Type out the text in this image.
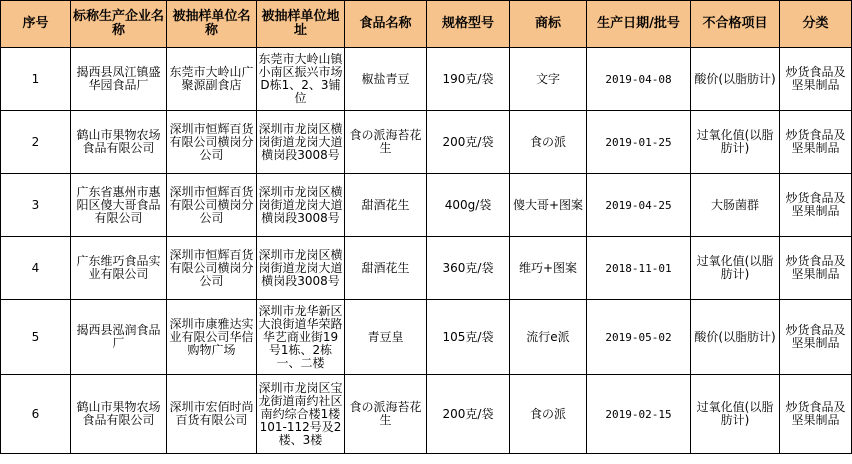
序号	标称生产企业名称	被抽样单位名称	被抽样单位地址	食品名称	规格型号	商标	生产日期/批号	不合格项目	分类
1	揭西县凤江镇盛华园食品厂	东莞市大岭山广聚源副食店	东莞市大岭山镇小南区振兴市场D栋1、2、3铺位	椒盐青豆	190克/袋	文字	2019-04-08	酸价(以脂肪计)	炒货食品及坚果制品
2	鹤山市果物农场食品有限公司	深圳市恒辉百货有限公司横岗分公司	深圳市龙岗区横岗街道龙岗大道横岗段3008号	食の派海苔花生	200克/袋	食の派	2019-01-25	过氧化值(以脂肪计)	炒货食品及坚果制品
3	广东省惠州市惠阳区傻大哥食品有限公司	深圳市恒辉百货有限公司横岗分公司	深圳市龙岗区横岗街道龙岗大道横岗段3008号	甜酒花生	400g/袋	傻大哥+图案	2019-04-25	大肠菌群	炒货食品及坚果制品
4	广东维巧食品实业有限公司	深圳市恒辉百货有限公司横岗分公司	深圳市龙岗区横岗街道龙岗大道横岗段3008号	甜酒花生	360克/袋	维巧+图案	2018-11-01	过氧化值(以脂肪计)	炒货食品及坚果制品
5	揭西县泓润食品厂	深圳市康雅达实业有限公司华信购物广场	深圳市龙华新区大浪街道华荣路华艺商业街19号1栋、2栋一、二楼	青豆皇	105克/袋	流行e派	2019-05-02	酸价(以脂肪计)	炒货食品及坚果制品
6	鹤山市果物农场食品有限公司	深圳市宏佰时尚百货有限公司	深圳市龙岗区宝龙街道南约社区南约综合楼1楼101-112号及2楼、3楼	食の派海苔花生	200克/袋	食の派	2019-02-15	过氧化值(以脂肪计)	炒货食品及坚果制品
